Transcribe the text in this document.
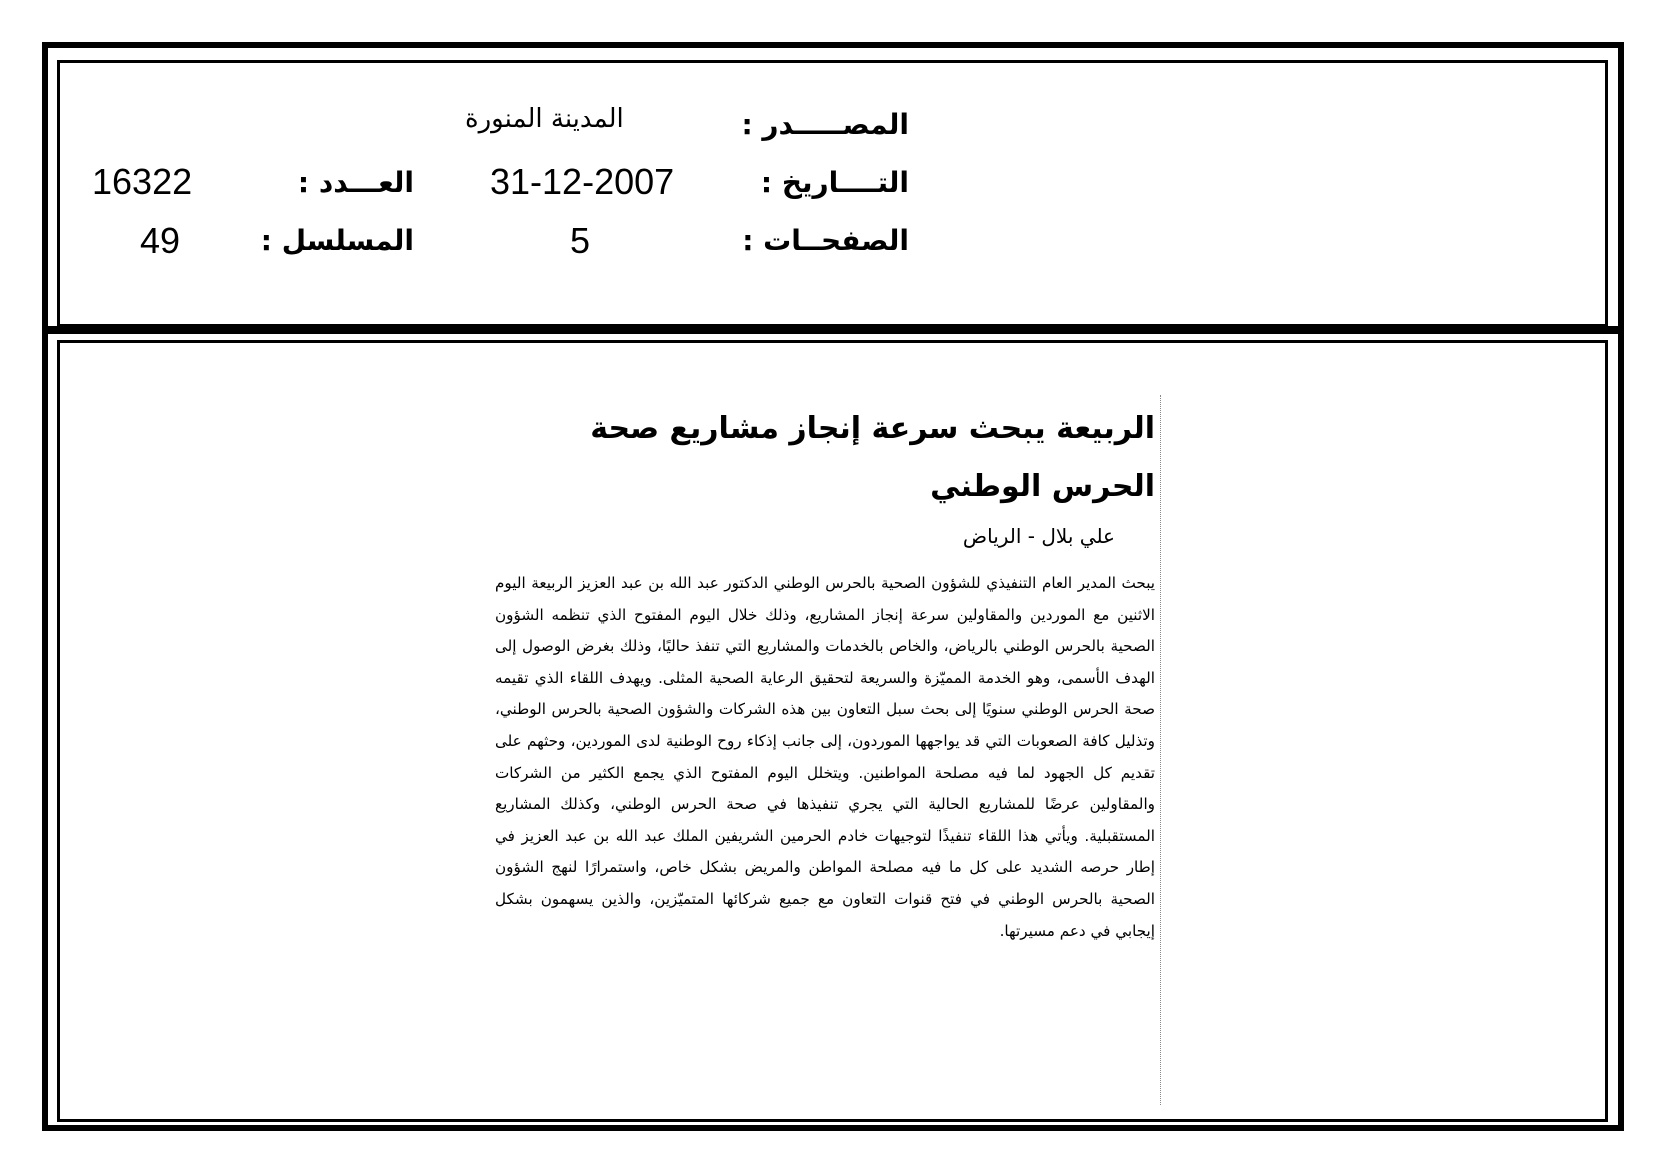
المصـــــدر :
المدينة المنورة
التــــاريخ :
31-12-2007
الصفحــات :
5
العـــدد :
16322
المسلسل :
49
الربيعة يبحث سرعة إنجاز مشاريع صحة الحرس الوطني
علي بلال - الرياض

يبحث المدير العام التنفيذي للشؤون الصحية بالحرس الوطني الدكتور عبد الله بن عبد العزيز الربيعة اليوم الاثنين مع الموردين والمقاولين سرعة إنجاز المشاريع، وذلك خلال اليوم المفتوح الذي تنظمه الشؤون الصحية بالحرس الوطني بالرياض، والخاص بالخدمات والمشاريع التي تنفذ حاليًا، وذلك بغرض الوصول إلى الهدف الأسمى، وهو الخدمة المميّزة والسريعة لتحقيق الرعاية الصحية المثلى. ويهدف اللقاء الذي تقيمه صحة الحرس الوطني سنويًا إلى بحث سبل التعاون بين هذه الشركات والشؤون الصحية بالحرس الوطني، وتذليل كافة الصعوبات التي قد يواجهها الموردون، إلى جانب إذكاء روح الوطنية لدى الموردين، وحثهم على تقديم كل الجهود لما فيه مصلحة المواطنين. ويتخلل اليوم المفتوح الذي يجمع الكثير من الشركات والمقاولين عرضًا للمشاريع الحالية التي يجري تنفيذها في صحة الحرس الوطني، وكذلك المشاريع المستقبلية. ويأتي هذا اللقاء تنفيذًا لتوجيهات خادم الحرمين الشريفين الملك عبد الله بن عبد العزيز في إطار حرصه الشديد على كل ما فيه مصلحة المواطن والمريض بشكل خاص، واستمرارًا لنهج الشؤون الصحية بالحرس الوطني في فتح قنوات التعاون مع جميع شركائها المتميّزين، والذين يسهمون بشكل إيجابي في دعم مسيرتها.
